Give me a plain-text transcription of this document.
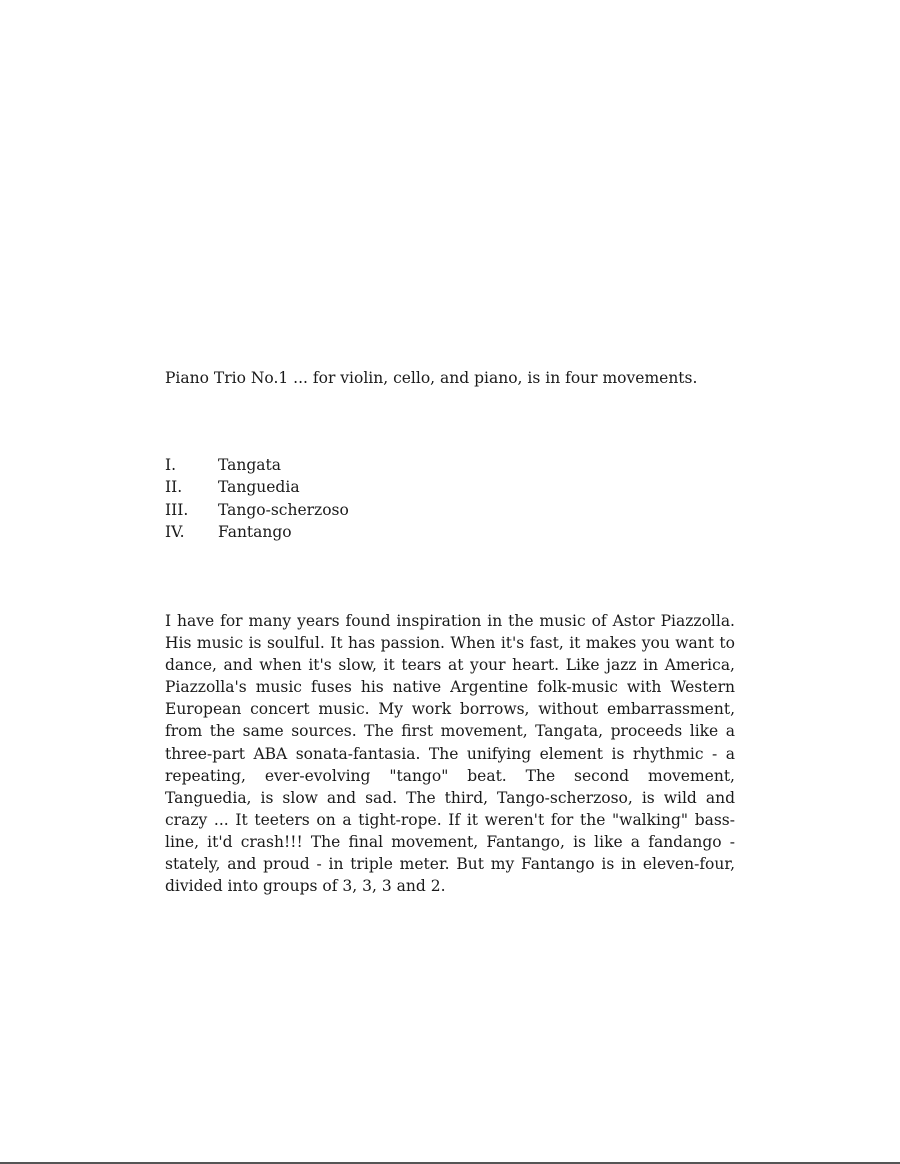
Piano Trio No.1 ... for violin, cello, and piano, is in four movements.

I.	Tangata
II.	Tanguedia
III.	Tango-scherzoso
IV.	Fantango

I have for many years found inspiration in the music of Astor Piazzolla. His music is soulful. It has passion. When it's fast, it makes you want to dance, and when it's slow, it tears at your heart. Like jazz in America, Piazzolla's music fuses his native Argentine folk-music with Western European concert music. My work borrows, without embarrassment, from the same sources. The first movement, Tangata, proceeds like a three-part ABA sonata-fantasia. The unifying element is rhythmic - a repeating, ever-evolving "tango" beat. The second movement, Tanguedia, is slow and sad. The third, Tango-scherzoso, is wild and crazy ... It teeters on a tight-rope. If it weren't for the "walking" bass-line, it'd crash!!! The final movement, Fantango, is like a fandango - stately, and proud - in triple meter. But my Fantango is in eleven-four, divided into groups of 3, 3, 3 and 2.
